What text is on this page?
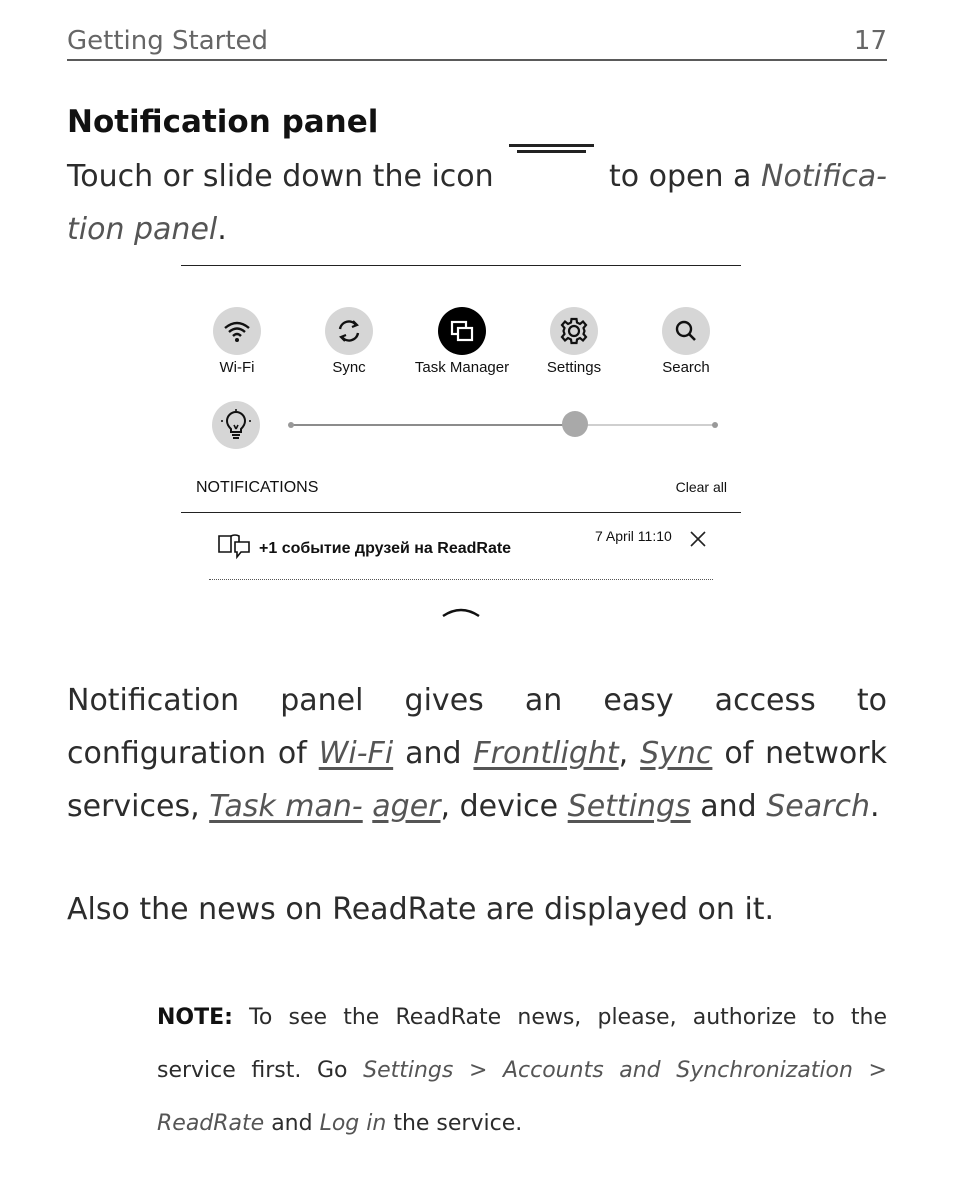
Getting Started	17
Notification panel
Touch or slide down the icon	to open a Notifica-
tion panel.
Wi-Fi	Sync	Task Manager	Settings	Search
NOTIFICATIONS	Clear all
+1 событие друзей на ReadRate
7 April 11:10
Notification panel gives an easy access to configuration of Wi-Fi and Frontlight, Sync of network services, Task man- ager, device Settings and Search.
Also the news on ReadRate are displayed on it.
NOTE: To see the ReadRate news, please, authorize to the service first. Go Settings > Accounts and Synchronization > ReadRate and Log in the service.
